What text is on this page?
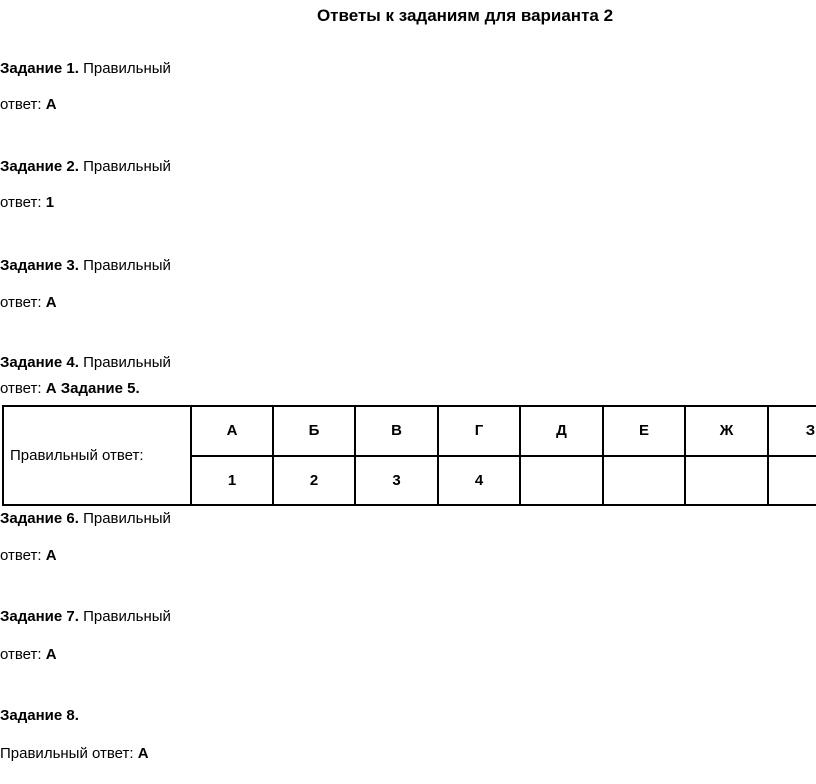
Ответы к заданиям для варианта 2
Задание 1. Правильный
ответ: А
Задание 2. Правильный
ответ: 1
Задание 3. Правильный
ответ: А
Задание 4. Правильный
ответ: А Задание 5.
Правильный ответ:	А	Б	В	Г	Д	Е	Ж	З
	1	2	3	4				
Задание 6. Правильный
ответ: А
Задание 7. Правильный
ответ: А
Задание 8.
Правильный ответ: А
